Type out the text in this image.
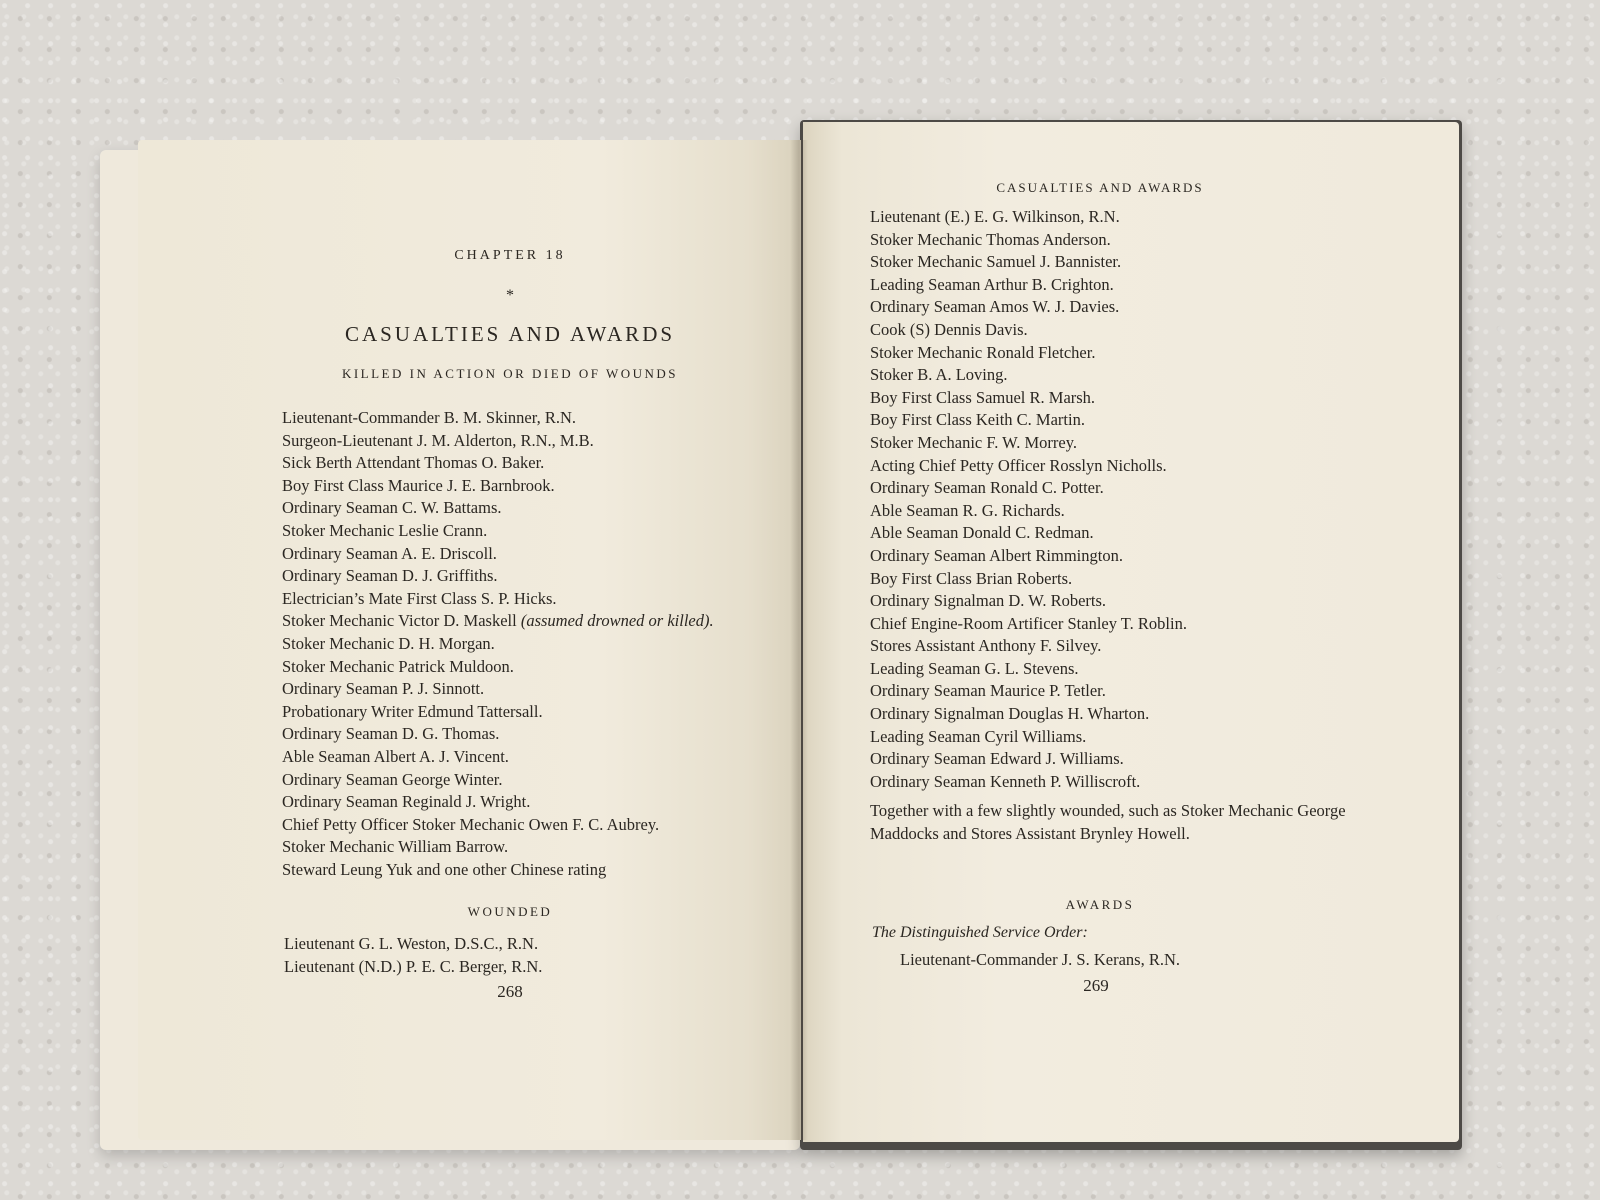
CHAPTER 18
*
CASUALTIES AND AWARDS
KILLED IN ACTION OR DIED OF WOUNDS
Lieutenant-Commander B. M. Skinner, R.N.
Surgeon-Lieutenant J. M. Alderton, R.N., M.B.
Sick Berth Attendant Thomas O. Baker.
Boy First Class Maurice J. E. Barnbrook.
Ordinary Seaman C. W. Battams.
Stoker Mechanic Leslie Crann.
Ordinary Seaman A. E. Driscoll.
Ordinary Seaman D. J. Griffiths.
Electrician’s Mate First Class S. P. Hicks.
Stoker Mechanic Victor D. Maskell (assumed drowned or killed).
Stoker Mechanic D. H. Morgan.
Stoker Mechanic Patrick Muldoon.
Ordinary Seaman P. J. Sinnott.
Probationary Writer Edmund Tattersall.
Ordinary Seaman D. G. Thomas.
Able Seaman Albert A. J. Vincent.
Ordinary Seaman George Winter.
Ordinary Seaman Reginald J. Wright.
Chief Petty Officer Stoker Mechanic Owen F. C. Aubrey.
Stoker Mechanic William Barrow.
Steward Leung Yuk and one other Chinese rating
WOUNDED
Lieutenant G. L. Weston, D.S.C., R.N.
Lieutenant (N.D.) P. E. C. Berger, R.N.
268
CASUALTIES AND AWARDS
Lieutenant (E.) E. G. Wilkinson, R.N.
Stoker Mechanic Thomas Anderson.
Stoker Mechanic Samuel J. Bannister.
Leading Seaman Arthur B. Crighton.
Ordinary Seaman Amos W. J. Davies.
Cook (S) Dennis Davis.
Stoker Mechanic Ronald Fletcher.
Stoker B. A. Loving.
Boy First Class Samuel R. Marsh.
Boy First Class Keith C. Martin.
Stoker Mechanic F. W. Morrey.
Acting Chief Petty Officer Rosslyn Nicholls.
Ordinary Seaman Ronald C. Potter.
Able Seaman R. G. Richards.
Able Seaman Donald C. Redman.
Ordinary Seaman Albert Rimmington.
Boy First Class Brian Roberts.
Ordinary Signalman D. W. Roberts.
Chief Engine-Room Artificer Stanley T. Roblin.
Stores Assistant Anthony F. Silvey.
Leading Seaman G. L. Stevens.
Ordinary Seaman Maurice P. Tetler.
Ordinary Signalman Douglas H. Wharton.
Leading Seaman Cyril Williams.
Ordinary Seaman Edward J. Williams.
Ordinary Seaman Kenneth P. Williscroft.
Together with a few slightly wounded, such as Stoker Mechanic George Maddocks and Stores Assistant Brynley Howell.
AWARDS
The Distinguished Service Order:
Lieutenant-Commander J. S. Kerans, R.N.
269
